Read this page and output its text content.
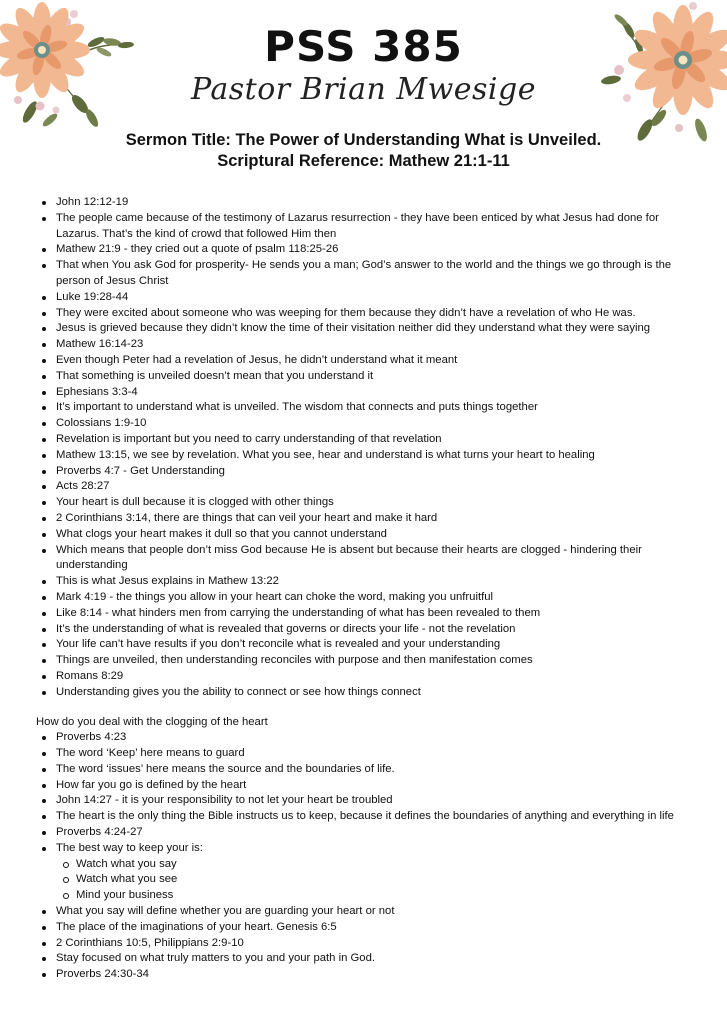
PSS 385
Pastor Brian Mwesige
Sermon Title: The Power of Understanding What is Unveiled.
Scriptural Reference: Mathew 21:1-11
John 12:12-19
The people came because of the testimony of Lazarus resurrection - they have been enticed by what Jesus had done for Lazarus. That’s the kind of crowd that followed Him then
Mathew 21:9 - they cried out a quote of psalm 118:25-26
That when You ask God for prosperity- He sends you a man; God’s answer to the world and the things we go through is the person of Jesus Christ
Luke 19:28-44
They were excited about someone who was weeping for them because they didn’t have a revelation of who He was.
Jesus is grieved because they didn’t know the time of their visitation neither did they understand what they were saying
Mathew 16:14-23
Even though Peter had a revelation of Jesus, he didn’t understand what it meant
That something is unveiled doesn’t mean that you understand it
Ephesians 3:3-4
It’s important to understand what is unveiled. The wisdom that connects and puts things together
Colossians 1:9-10
Revelation is important but you need to carry understanding of that revelation
Mathew 13:15, we see by revelation. What you see, hear and understand is what turns your heart to healing
Proverbs 4:7 - Get Understanding
Acts 28:27
Your heart is dull because it is clogged with other things
2 Corinthians 3:14, there are things that can veil your heart and make it hard
What clogs your heart makes it dull so that you cannot understand
Which means that people don’t miss God because He is absent but because their hearts are clogged - hindering their understanding
This is what Jesus explains in Mathew 13:22
Mark 4:19 - the things you allow in your heart can choke the word, making you unfruitful
Like 8:14 - what hinders men from carrying the understanding of what has been revealed to them
It’s the understanding of what is revealed that governs or directs your life - not the revelation
Your life can’t have results if you don’t reconcile what is revealed and your understanding
Things are unveiled, then understanding reconciles with purpose and then manifestation comes
Romans 8:29
Understanding gives you the ability to connect or see how things connect
How do you deal with the clogging of the heart
Proverbs 4:23
The word ‘Keep’ here means to guard
The word ‘issues’ here means the source and the boundaries of life.
How far you go is defined by the heart
John 14:27 - it is your responsibility to not let your heart be troubled
The heart is the only thing the Bible instructs us to keep, because it defines the boundaries of anything and everything in life
Proverbs 4:24-27
The best way to keep your is:
Watch what you say
Watch what you see
Mind your business
What you say will define whether you are guarding your heart or not
The place of the imaginations of your heart. Genesis 6:5
2 Corinthians 10:5, Philippians 2:9-10
Stay focused on what truly matters to you and your path in God.
Proverbs 24:30-34
